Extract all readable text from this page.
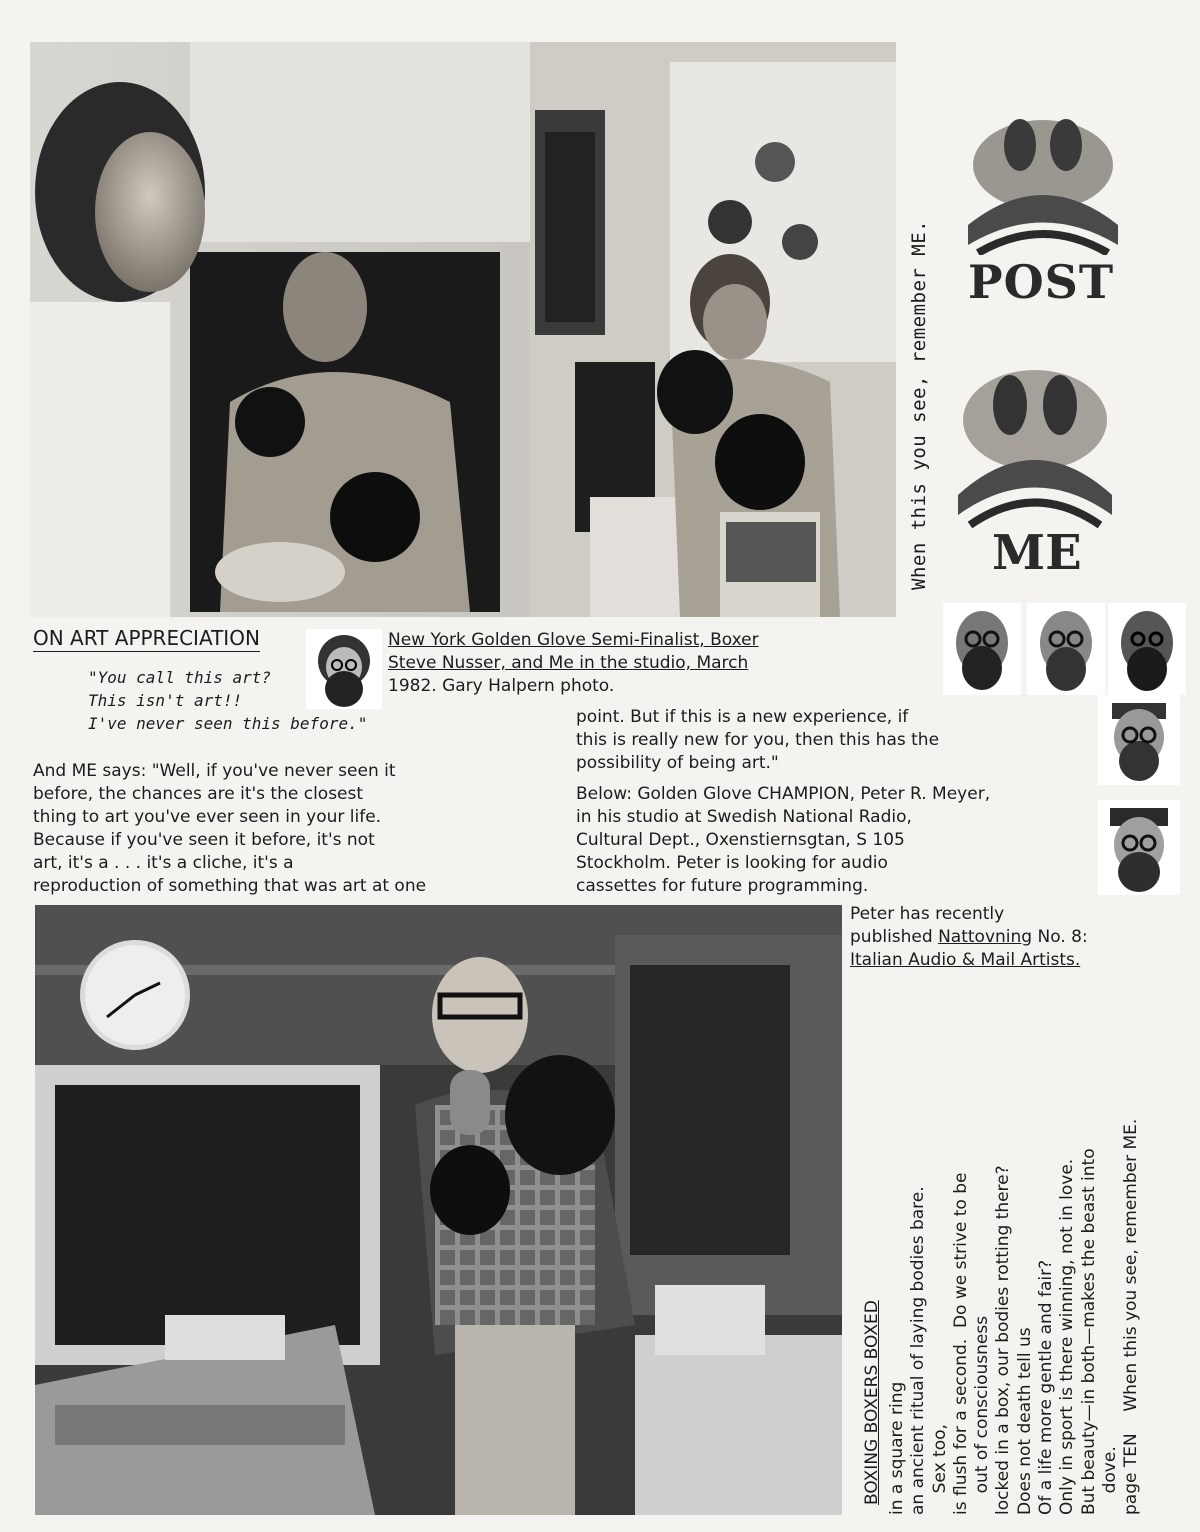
When this you see, remember ME. POST
ME
ON ART APPRECIATION
"You call this art?
This isn't art!!
I've never seen this before."
New York Golden Glove Semi-Finalist, Boxer
Steve Nusser, and Me in the studio, March
1982. Gary Halpern photo.
And ME says: "Well, if you've never seen it
before, the chances are it's the closest
thing to art you've ever seen in your life.
Because if you've seen it before, it's not
art, it's a . . . it's a cliche, it's a
reproduction of something that was art at one
point. But if this is a new experience, if
this is really new for you, then this has the
possibility of being art."
Below: Golden Glove CHAMPION, Peter R. Meyer,
in his studio at Swedish National Radio,
Cultural Dept., Oxenstiernsgtan, S 105
Stockholm. Peter is looking for audio
cassettes for future programming.
Peter has recently
published Nattovning No. 8:
Italian Audio & Mail Artists.
BOXING BOXERS BOXED in a square ring an ancient ritual of laying bodies bare. Sex too, is flush for a second.  Do we strive to be out of consciousness locked in a box, our bodies rotting there? Does not death tell us Of a life more gentle and fair? Only in sport is there winning, not in love. But beauty—in both—makes the beast into dove. page TEN    When this you see, remember ME.
